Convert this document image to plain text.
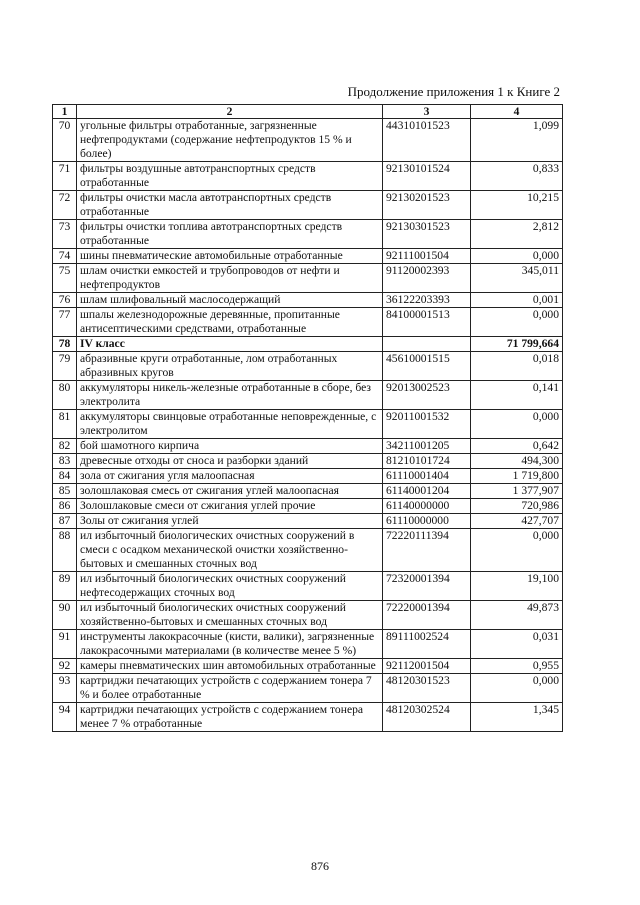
Продолжение приложения 1 к Книге 2
1	2	3	4
70	угольные фильтры отработанные, загрязненные нефтепродуктами (содержание нефтепродуктов 15 % и более)	44310101523	1,099
71	фильтры воздушные автотранспортных средств отработанные	92130101524	0,833
72	фильтры очистки масла автотранспортных средств отработанные	92130201523	10,215
73	фильтры очистки топлива автотранспортных средств отработанные	92130301523	2,812
74	шины пневматические автомобильные отработанные	92111001504	0,000
75	шлам очистки емкостей и трубопроводов от нефти и нефтепродуктов	91120002393	345,011
76	шлам шлифовальный маслосодержащий	36122203393	0,001
77	шпалы железнодорожные деревянные, пропитанные антисептическими средствами, отработанные	84100001513	0,000
78	IV класс		71 799,664
79	абразивные круги отработанные, лом отработанных абразивных кругов	45610001515	0,018
80	аккумуляторы никель-железные отработанные в сборе, без электролита	92013002523	0,141
81	аккумуляторы свинцовые отработанные неповрежденные, с электролитом	92011001532	0,000
82	бой шамотного кирпича	34211001205	0,642
83	древесные отходы от сноса и разборки зданий	81210101724	494,300
84	зола от сжигания угля малоопасная	61110001404	1 719,800
85	золошлаковая смесь от сжигания углей малоопасная	61140001204	1 377,907
86	Золошлаковые смеси от сжигания углей прочие	61140000000	720,986
87	Золы от сжигания углей	61110000000	427,707
88	ил избыточный биологических очистных сооружений в смеси с осадком механической очистки хозяйственно-бытовых и смешанных сточных вод	72220111394	0,000
89	ил избыточный биологических очистных сооружений нефтесодержащих сточных вод	72320001394	19,100
90	ил избыточный биологических очистных сооружений хозяйственно-бытовых и смешанных сточных вод	72220001394	49,873
91	инструменты лакокрасочные (кисти, валики), загрязненные лакокрасочными материалами (в количестве менее 5 %)	89111002524	0,031
92	камеры пневматических шин автомобильных отработанные	92112001504	0,955
93	картриджи печатающих устройств с содержанием тонера 7 % и более отработанные	48120301523	0,000
94	картриджи печатающих устройств с содержанием тонера менее 7 % отработанные	48120302524	1,345
876
